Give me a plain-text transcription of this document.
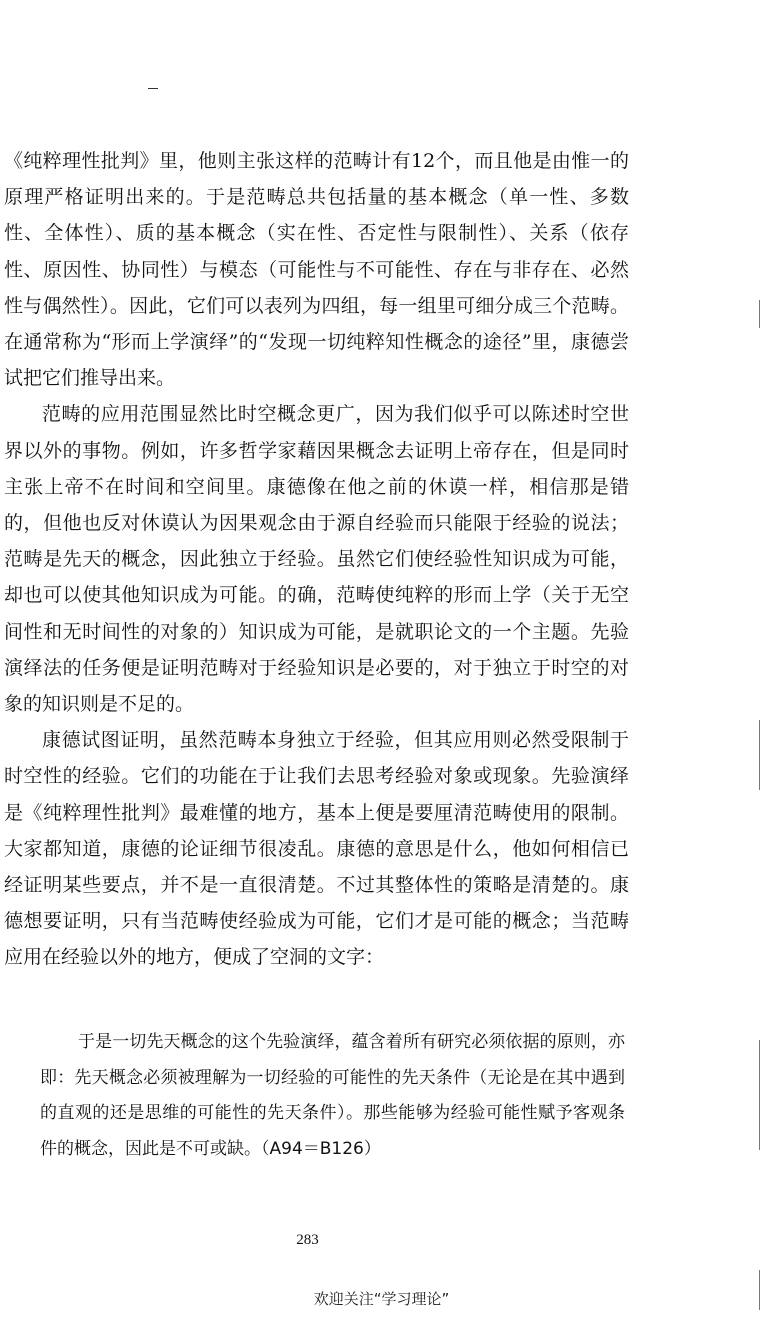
《纯粹理性批判》里，他则主张这样的范畴计有12个，而且他是由惟一的原理严格证明出来的。于是范畴总共包括量的基本概念（单一性、多数性、全体性）、质的基本概念（实在性、否定性与限制性）、关系（依存性、原因性、协同性）与模态（可能性与不可能性、存在与非存在、必然性与偶然性）。因此，它们可以表列为四组，每一组里可细分成三个范畴。在通常称为“形而上学演绎”的“发现一切纯粹知性概念的途径”里，康德尝试把它们推导出来。

范畴的应用范围显然比时空概念更广，因为我们似乎可以陈述时空世界以外的事物。例如，许多哲学家藉因果概念去证明上帝存在，但是同时主张上帝不在时间和空间里。康德像在他之前的休谟一样，相信那是错的，但他也反对休谟认为因果观念由于源自经验而只能限于经验的说法；范畴是先天的概念，因此独立于经验。虽然它们使经验性知识成为可能，却也可以使其他知识成为可能。的确，范畴使纯粹的形而上学（关于无空间性和无时间性的对象的）知识成为可能，是就职论文的一个主题。先验演绎法的任务便是证明范畴对于经验知识是必要的，对于独立于时空的对象的知识则是不足的。

康德试图证明，虽然范畴本身独立于经验，但其应用则必然受限制于时空性的经验。它们的功能在于让我们去思考经验对象或现象。先验演绎是《纯粹理性批判》最难懂的地方，基本上便是要厘清范畴使用的限制。大家都知道，康德的论证细节很凌乱。康德的意思是什么，他如何相信已经证明某些要点，并不是一直很清楚。不过其整体性的策略是清楚的。康德想要证明，只有当范畴使经验成为可能，它们才是可能的概念；当范畴应用在经验以外的地方，便成了空洞的文字：

于是一切先天概念的这个先验演绎，蕴含着所有研究必须依据的原则，亦即：先天概念必须被理解为一切经验的可能性的先天条件（无论是在其中遇到的直观的还是思维的可能性的先天条件）。那些能够为经验可能性赋予客观条件的概念，因此是不可或缺。（A94＝B126）

283
欢迎关注“学习理论”
